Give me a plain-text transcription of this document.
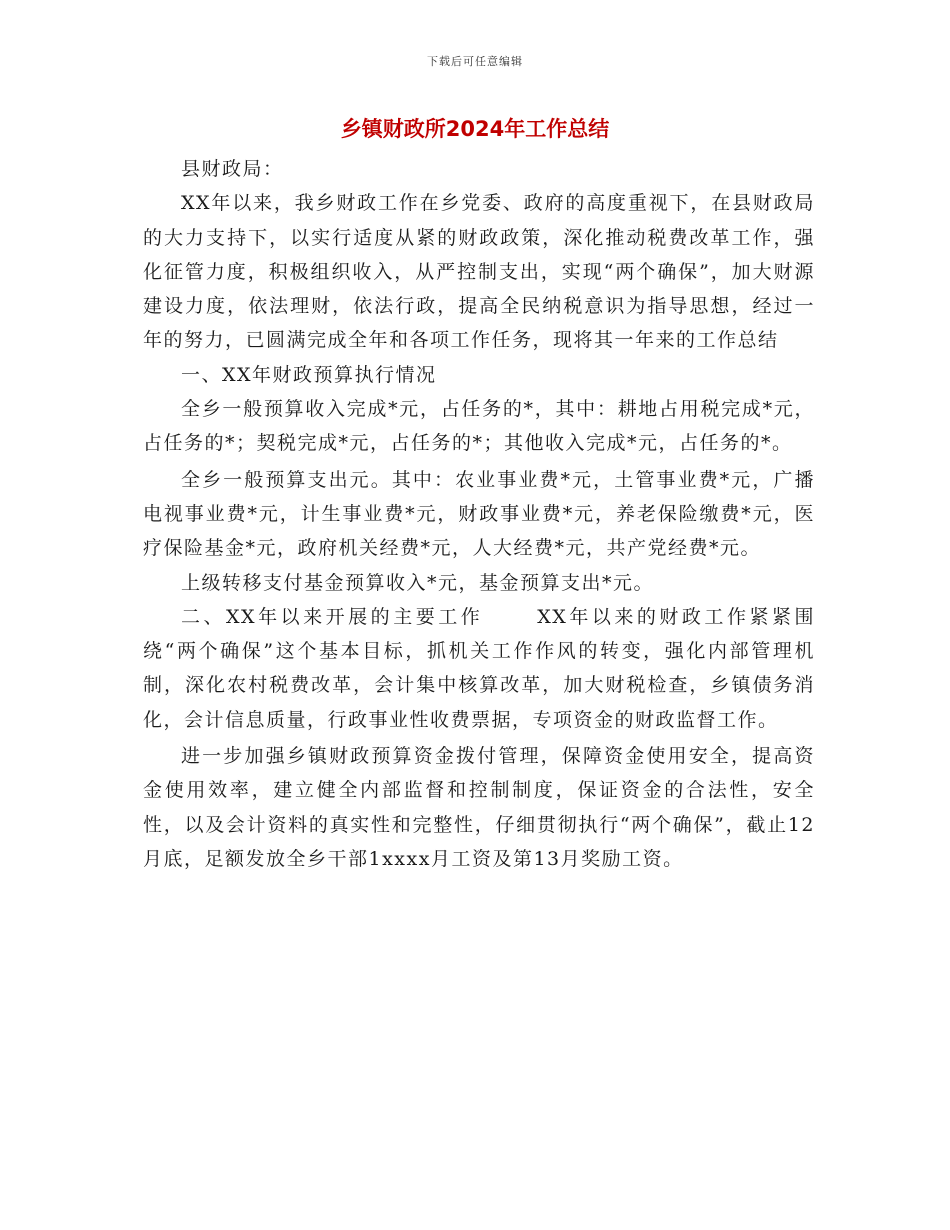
下载后可任意编辑
乡镇财政所2024年工作总结

县财政局：

XX年以来，我乡财政工作在乡党委、政府的高度重视下，在县财政局的大力支持下，以实行适度从紧的财政政策，深化推动税费改革工作，强化征管力度，积极组织收入，从严控制支出，实现“两个确保”，加大财源建设力度，依法理财，依法行政，提高全民纳税意识为指导思想，经过一年的努力，已圆满完成全年和各项工作任务，现将其一年来的工作总结

一、XX年财政预算执行情况

全乡一般预算收入完成*元，占任务的*，其中：耕地占用税完成*元，占任务的*；契税完成*元，占任务的*；其他收入完成*元，占任务的*。

全乡一般预算支出元。其中：农业事业费*元，土管事业费*元，广播电视事业费*元，计生事业费*元，财政事业费*元，养老保险缴费*元，医疗保险基金*元，政府机关经费*元，人大经费*元，共产党经费*元。

上级转移支付基金预算收入*元，基金预算支出*元。

二、XX年以来开展的主要工作	XX年以来的财政工作紧紧围绕“两个确保”这个基本目标，抓机关工作作风的转变，强化内部管理机制，深化农村税费改革，会计集中核算改革，加大财税检查，乡镇债务消化，会计信息质量，行政事业性收费票据，专项资金的财政监督工作。

进一步加强乡镇财政预算资金拨付管理，保障资金使用安全，提高资金使用效率，建立健全内部监督和控制制度，保证资金的合法性，安全性，以及会计资料的真实性和完整性，仔细贯彻执行“两个确保”，截止12月底，足额发放全乡干部1xxxx月工资及第13月奖励工资。
